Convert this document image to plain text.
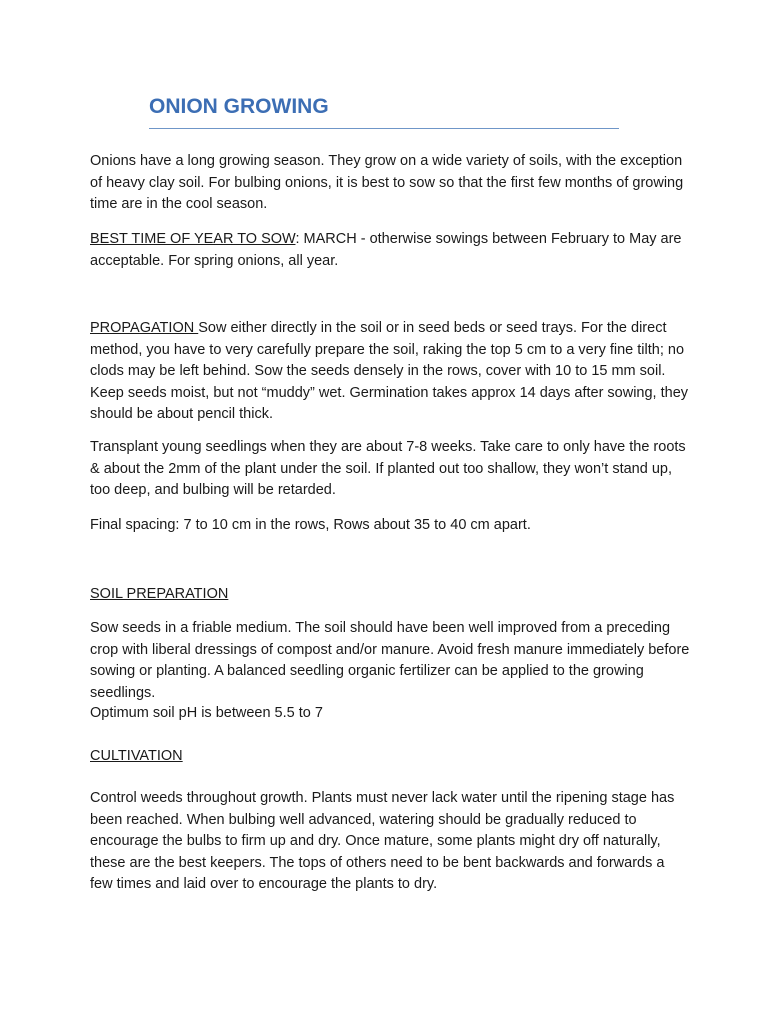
ONION GROWING

Onions have a long growing season. They grow on a wide variety of soils, with the exception of heavy clay soil. For bulbing onions, it is best to sow so that the first few months of growing time are in the cool season.

BEST TIME OF YEAR TO SOW: MARCH - otherwise sowings between February to May are acceptable. For spring onions, all year.

PROPAGATION Sow either directly in the soil or in seed beds or seed trays. For the direct method, you have to very carefully prepare the soil, raking the top 5 cm to a very fine tilth; no clods may be left behind. Sow the seeds densely in the rows, cover with 10 to 15 mm soil. Keep seeds moist, but not “muddy” wet. Germination takes approx 14 days after sowing, they should be about pencil thick.

Transplant young seedlings when they are about 7-8 weeks. Take care to only have the roots & about the 2mm of the plant under the soil. If planted out too shallow, they won’t stand up, too deep, and bulbing will be retarded.

Final spacing: 7 to 10 cm in the rows, Rows about 35 to 40 cm apart.

SOIL PREPARATION

Sow seeds in a friable medium. The soil should have been well improved from a preceding crop with liberal dressings of compost and/or manure. Avoid fresh manure immediately before sowing or planting. A balanced seedling organic fertilizer can be applied to the growing seedlings.

Optimum soil pH is between 5.5 to 7

CULTIVATION

Control weeds throughout growth. Plants must never lack water until the ripening stage has been reached. When bulbing well advanced, watering should be gradually reduced to encourage the bulbs to firm up and dry. Once mature, some plants might dry off naturally, these are the best keepers. The tops of others need to be bent backwards and forwards a few times and laid over to encourage the plants to dry.
